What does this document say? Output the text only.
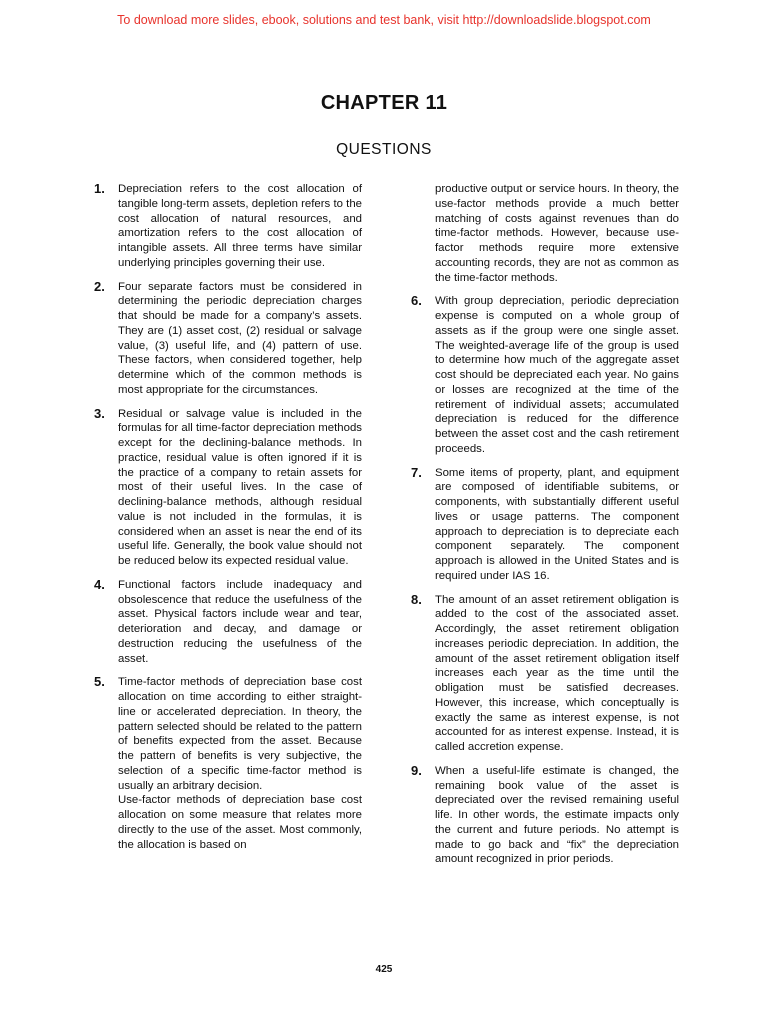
To download more slides, ebook, solutions and test bank, visit http://downloadslide.blogspot.com
CHAPTER 11
QUESTIONS
1.	Depreciation refers to the cost allocation of tangible long-term assets, depletion refers to the cost allocation of natural resources, and amortization refers to the cost allocation of intangible assets. All three terms have similar underlying principles governing their use.

2.	Four separate factors must be considered in determining the periodic depreciation charges that should be made for a company’s assets. They are (1) asset cost, (2) residual or salvage value, (3) useful life, and (4) pattern of use. These factors, when considered together, help determine which of the common methods is most appropriate for the circumstances.

3.	Residual or salvage value is included in the formulas for all time-factor depreciation methods except for the declining-balance methods. In practice, residual value is often ignored if it is the practice of a company to retain assets for most of their useful lives. In the case of declining-balance methods, although residual value is not included in the formulas, it is considered when an asset is near the end of its useful life. Generally, the book value should not be reduced below its expected residual value.

4.	Functional factors include inadequacy and obsolescence that reduce the usefulness of the asset. Physical factors include wear and tear, deterioration and decay, and damage or destruction reducing the usefulness of the asset.

5.	Time-factor methods of depreciation base cost allocation on time according to either straight-line or accelerated depreciation. In theory, the pattern selected should be related to the pattern of benefits expected from the asset. Because the pattern of benefits is very subjective, the selection of a specific time-factor method is usually an arbitrary decision.

Use-factor methods of depreciation base cost allocation on some measure that relates more directly to the use of the asset. Most commonly, the allocation is based on

productive output or service hours. In theory, the use-factor methods provide a much better matching of costs against revenues than do time-factor methods. However, because use-factor methods require more extensive accounting records, they are not as common as the time-factor methods.

6.	With group depreciation, periodic depreciation expense is computed on a whole group of assets as if the group were one single asset. The weighted-average life of the group is used to determine how much of the aggregate asset cost should be depreciated each year. No gains or losses are recognized at the time of the retirement of individual assets; accumulated depreciation is reduced for the difference between the asset cost and the cash retirement proceeds.

7.	Some items of property, plant, and equipment are composed of identifiable subitems, or components, with substantially different useful lives or usage patterns. The component approach to depreciation is to depreciate each component separately. The component approach is allowed in the United States and is required under IAS 16.

8.	The amount of an asset retirement obligation is added to the cost of the associated asset. Accordingly, the asset retirement obligation increases periodic depreciation. In addition, the amount of the asset retirement obligation itself increases each year as the time until the obligation must be satisfied decreases. However, this increase, which conceptually is exactly the same as interest expense, is not accounted for as interest expense. Instead, it is called accretion expense.

9.	When a useful-life estimate is changed, the remaining book value of the asset is depreciated over the revised remaining useful life. In other words, the estimate impacts only the current and future periods. No attempt is made to go back and “fix” the depreciation amount recognized in prior periods.

425
